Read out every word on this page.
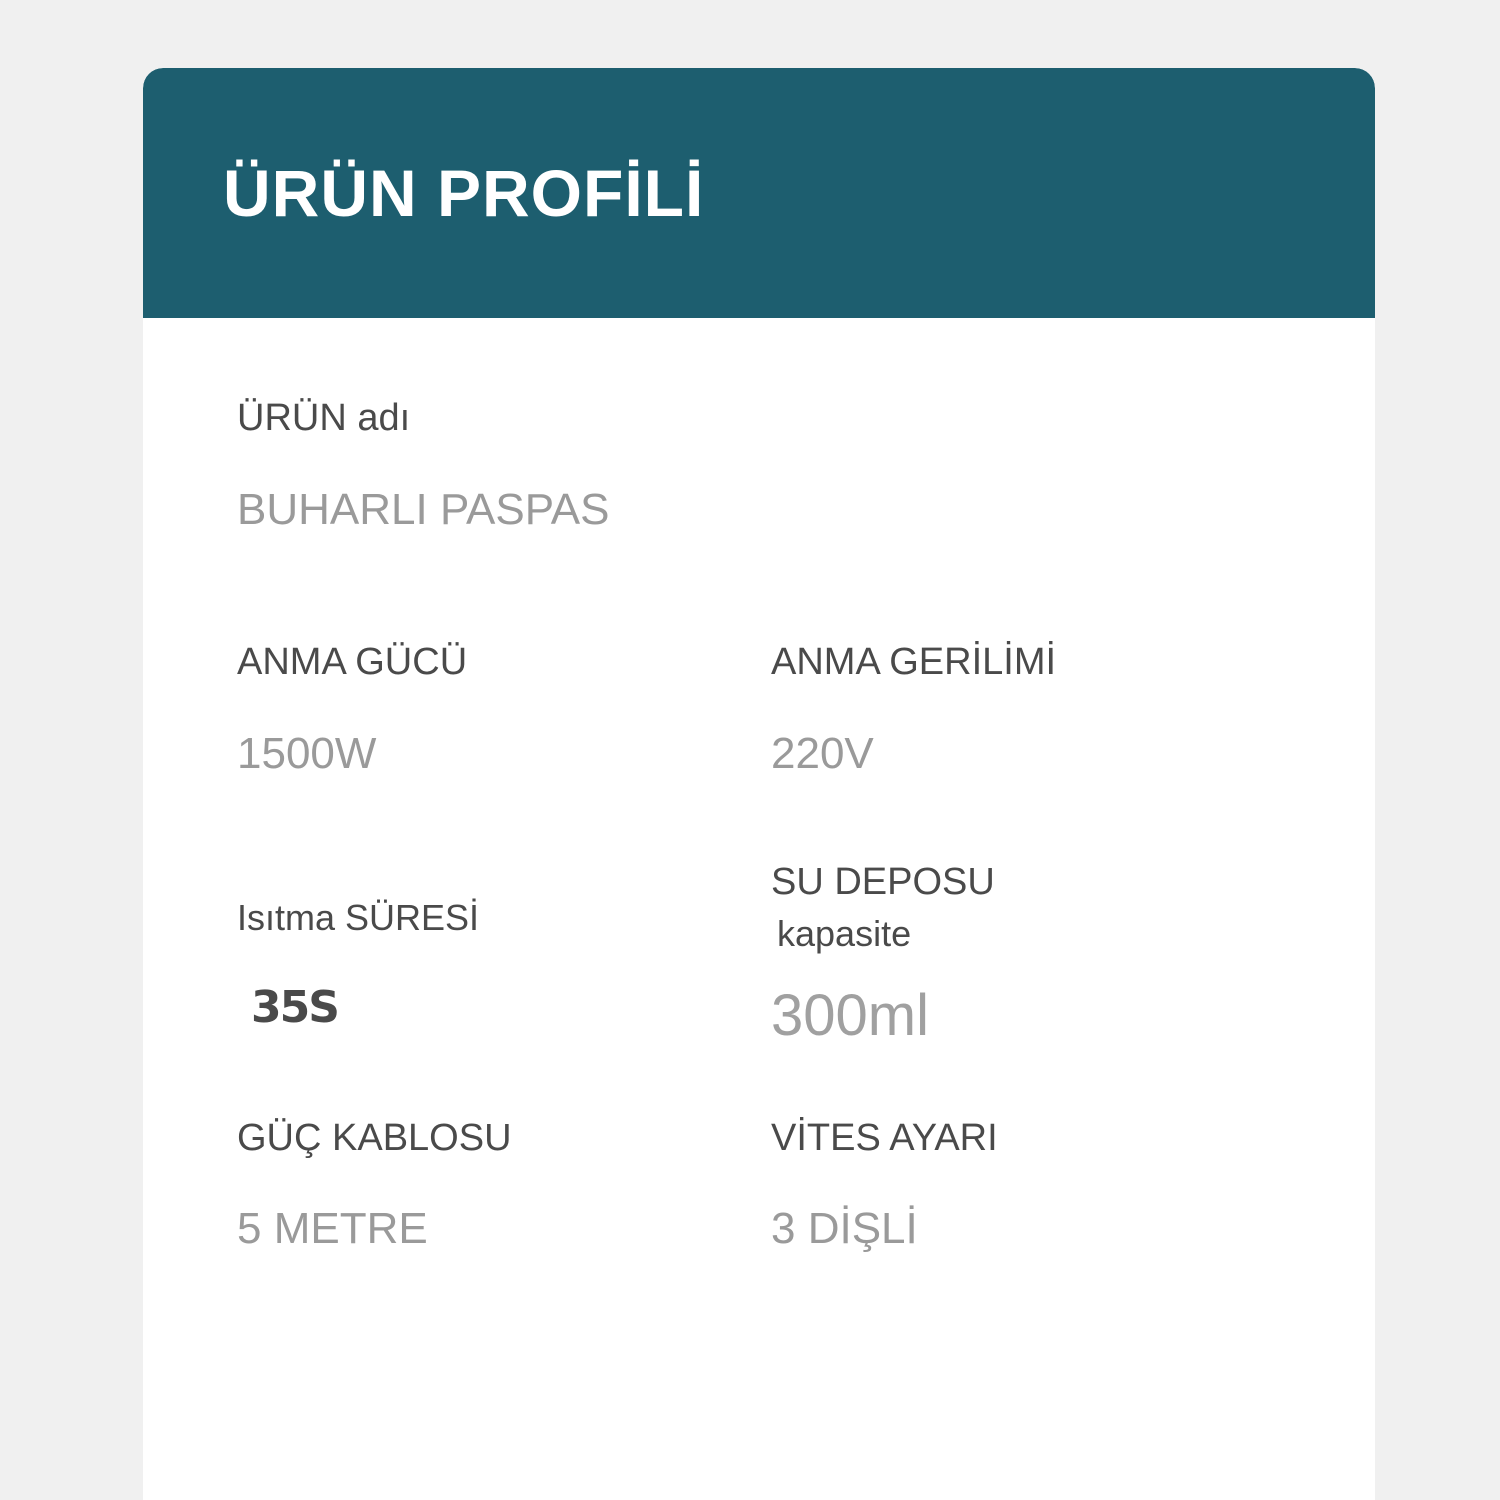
ÜRÜN PROFİLİ

ÜRÜN adı

BUHARLI PASPAS

ANMA GÜCÜ

1500W

ANMA GERİLİMİ

220V

Isıtma SÜRESİ

35S

SU DEPOSU

kapasite

300ml

GÜÇ KABLOSU

5 METRE

VİTES AYARI

3 DİŞLİ
